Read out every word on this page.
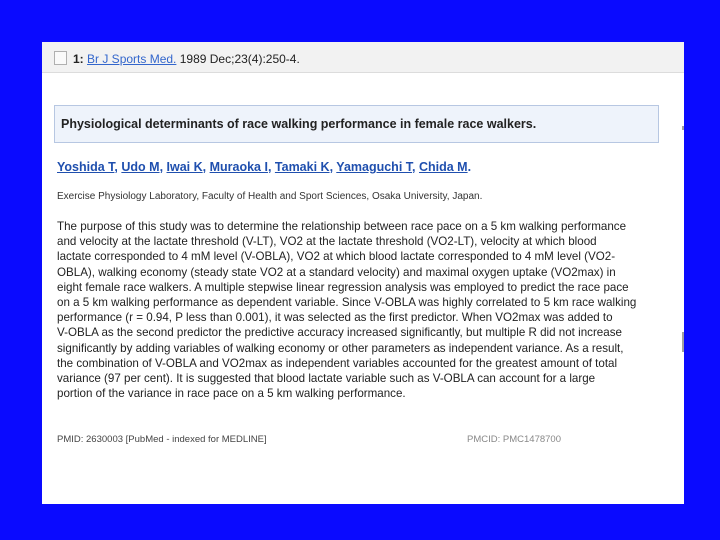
1: Br J Sports Med. 1989 Dec;23(4):250-4.
Physiological determinants of race walking performance in female race walkers.
Yoshida T, Udo M, Iwai K, Muraoka I, Tamaki K, Yamaguchi T, Chida M.
Exercise Physiology Laboratory, Faculty of Health and Sport Sciences, Osaka University, Japan.
The purpose of this study was to determine the relationship between race pace on a 5 km walking performance
and velocity at the lactate threshold (V-LT), VO2 at the lactate threshold (VO2-LT), velocity at which blood
lactate corresponded to 4 mM level (V-OBLA), VO2 at which blood lactate corresponded to 4 mM level (VO2-
OBLA), walking economy (steady state VO2 at a standard velocity) and maximal oxygen uptake (VO2max) in
eight female race walkers. A multiple stepwise linear regression analysis was employed to predict the race pace
on a 5 km walking performance as dependent variable. Since V-OBLA was highly correlated to 5 km race walking
performance (r = 0.94, P less than 0.001), it was selected as the first predictor. When VO2max was added to
V-OBLA as the second predictor the predictive accuracy increased significantly, but multiple R did not increase
significantly by adding variables of walking economy or other parameters as independent variance. As a result,
the combination of V-OBLA and VO2max as independent variables accounted for the greatest amount of total
variance (97 per cent). It is suggested that blood lactate variable such as V-OBLA can account for a large
portion of the variance in race pace on a 5 km walking performance.
PMID: 2630003 [PubMed - indexed for MEDLINE]	PMCID: PMC1478700
